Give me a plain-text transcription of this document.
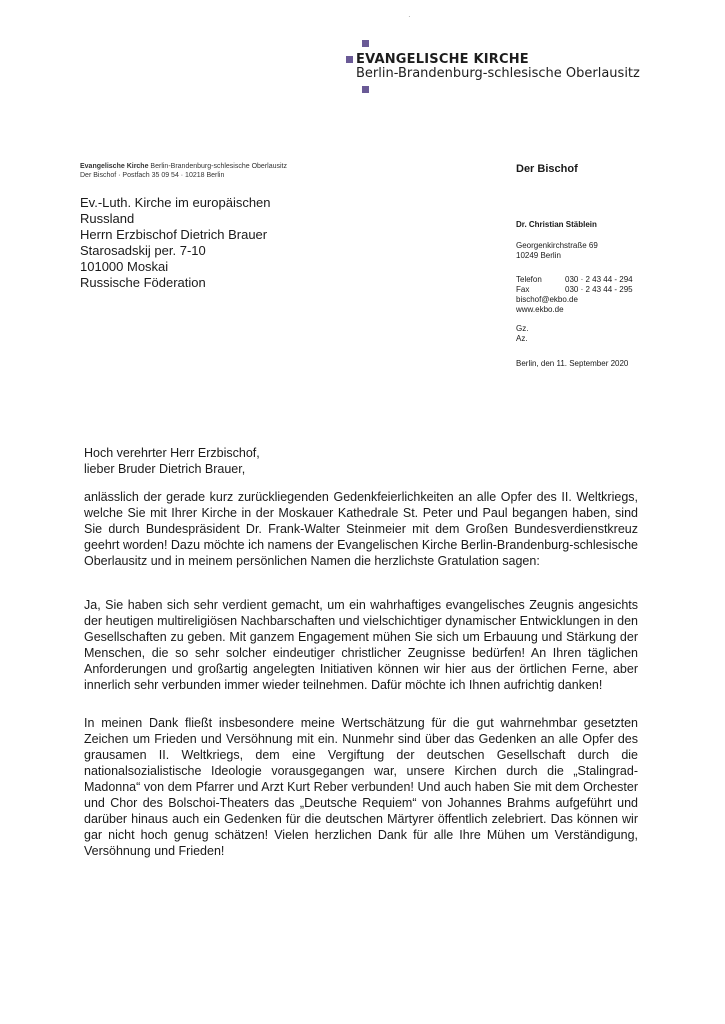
EVANGELISCHE KIRCHE
Berlin-Brandenburg-schlesische Oberlausitz
·
Evangelische Kirche Berlin-Brandenburg-schlesische Oberlausitz
Der Bischof · Postfach 35 09 54 · 10218 Berlin
Ev.-Luth. Kirche im europäischen
Russland
Herrn Erzbischof Dietrich Brauer
Starosadskij per. 7-10
101000 Moskai
Russische Föderation
Der Bischof
Dr. Christian Stäblein
Georgenkirchstraße 69
10249 Berlin
Telefon	030 · 2 43 44 - 294
Fax	030 · 2 43 44 - 295
bischof@ekbo.de
www.ekbo.de
Gz.
Az.
Berlin, den 11. September 2020
Hoch verehrter Herr Erzbischof,
lieber Bruder Dietrich Brauer,
anlässlich der gerade kurz zurückliegenden Gedenkfeierlichkeiten an alle Opfer des II. Weltkriegs, welche Sie mit Ihrer Kirche in der Moskauer Kathedrale St. Peter und Paul begangen haben, sind Sie durch Bundespräsident Dr. Frank-Walter Steinmeier mit dem Großen Bundesverdienstkreuz geehrt worden! Dazu möchte ich namens der Evangelischen Kirche Berlin-Brandenburg-schlesische Oberlausitz und in meinem persönlichen Namen die herzlichste Gratulation sagen:
Ja, Sie haben sich sehr verdient gemacht, um ein wahrhaftiges evangelisches Zeugnis angesichts der heutigen multireligiösen Nachbarschaften und vielschichtiger dynamischer Entwicklungen in den Gesellschaften zu geben. Mit ganzem Engagement mühen Sie sich um Erbauung und Stärkung der Menschen, die so sehr solcher eindeutiger christlicher Zeugnisse bedürfen! An Ihren täglichen Anforderungen und großartig angelegten Initiativen können wir hier aus der örtlichen Ferne, aber innerlich sehr verbunden immer wieder teilnehmen. Dafür möchte ich Ihnen aufrichtig danken!
In meinen Dank fließt insbesondere meine Wertschätzung für die gut wahrnehmbar gesetzten Zeichen um Frieden und Versöhnung mit ein. Nunmehr sind über das Gedenken an alle Opfer des grausamen II. Weltkriegs, dem eine Vergiftung der deutschen Gesellschaft durch die nationalsozialistische Ideologie vorausgegangen war, unsere Kirchen durch die „Stalingrad-Madonna“ von dem Pfarrer und Arzt Kurt Reber verbunden! Und auch haben Sie mit dem Orchester und Chor des Bolschoi-Theaters das „Deutsche Requiem“ von Johannes Brahms aufgeführt und darüber hinaus auch ein Gedenken für die deutschen Märtyrer öffentlich zelebriert. Das können wir gar nicht hoch genug schätzen! Vielen herzlichen Dank für alle Ihre Mühen um Verständigung, Versöhnung und Frieden!
